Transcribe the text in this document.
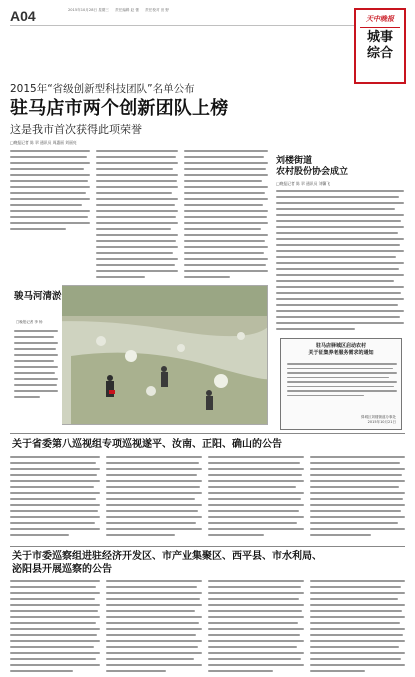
A04	2015年10月28日 星期三 责任编辑 赵 蕾 责任校对 田 野
天中晚报
城事
综合
2015年“省级创新型科技团队”名单公布
驻马店市两个创新团队上榜
这是我市首次获得此项荣誉
□晚报记者 陈 翠 通讯员 周惠丽 刘丽亮
刘楼街道
农村股份协会成立
□晚报记者 陈 翠 通讯员 刘馨飞
骏马河清淤
□晚报记者 李 杨
驻马店驿城区启动农村
关于征集养老服务需求的通知
驿城区刘楼街道办事处
2015年10月21日
关于省委第八巡视组专项巡视遂平、汝南、正阳、确山的公告
关于市委巡察组进驻经济开发区、市产业集聚区、西平县、市水利局、
泌阳县开展巡察的公告
